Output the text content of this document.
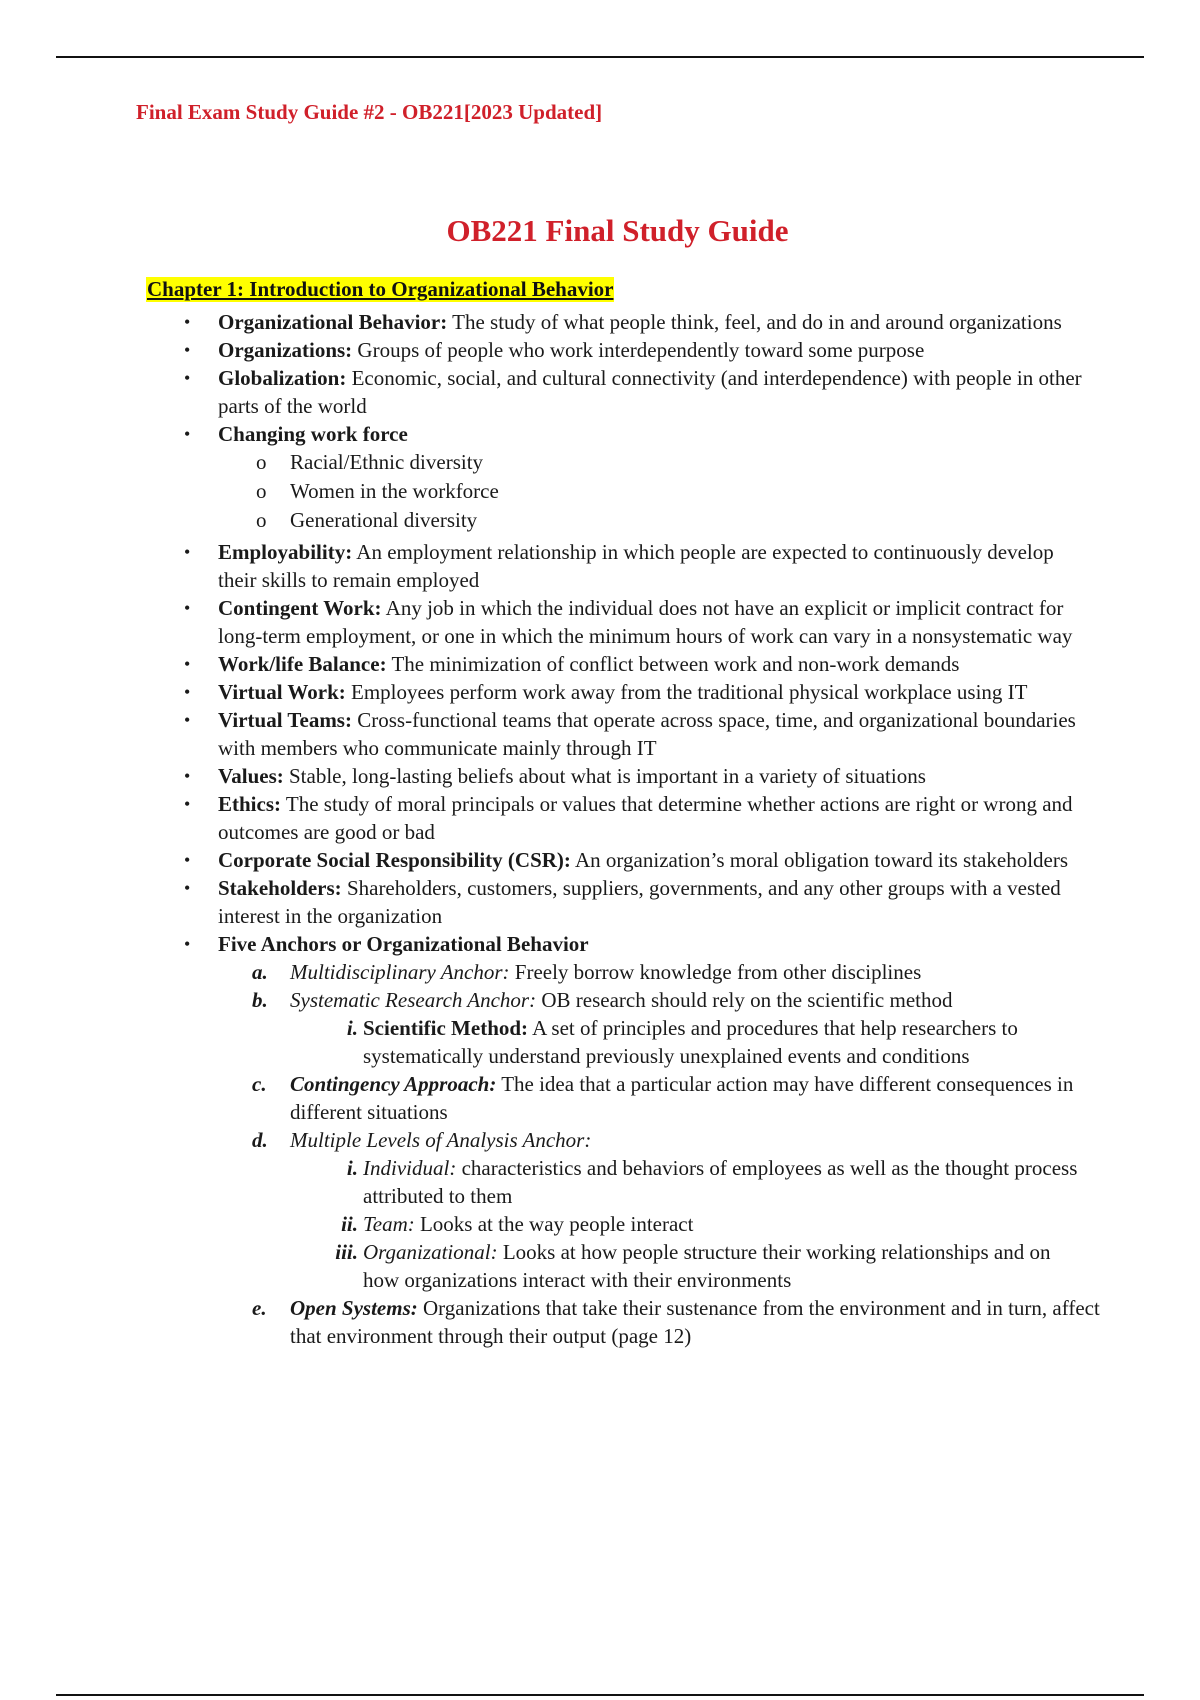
Final Exam Study Guide #2 - OB221[2023 Updated]
OB221 Final Study Guide
Chapter 1: Introduction to Organizational Behavior

• Organizational Behavior: The study of what people think, feel, and do in and around organizations

• Organizations: Groups of people who work interdependently toward some purpose

• Globalization: Economic, social, and cultural connectivity (and interdependence) with people in other parts of the world

• Changing work force

o Racial/Ethnic diversity
o Women in the workforce
o Generational diversity

• Employability: An employment relationship in which people are expected to continuously develop their skills to remain employed

• Contingent Work: Any job in which the individual does not have an explicit or implicit contract for long-term employment, or one in which the minimum hours of work can vary in a nonsystematic way

• Work/life Balance: The minimization of conflict between work and non-work demands

• Virtual Work: Employees perform work away from the traditional physical workplace using IT

• Virtual Teams: Cross-functional teams that operate across space, time, and organizational boundaries with members who communicate mainly through IT

• Values: Stable, long-lasting beliefs about what is important in a variety of situations

• Ethics: The study of moral principals or values that determine whether actions are right or wrong and outcomes are good or bad

• Corporate Social Responsibility (CSR): An organization’s moral obligation toward its stakeholders

• Stakeholders: Shareholders, customers, suppliers, governments, and any other groups with a vested interest in the organization

• Five Anchors or Organizational Behavior

a. Multidisciplinary Anchor: Freely borrow knowledge from other disciplines
b. Systematic Research Anchor: OB research should rely on the scientific method
i. Scientific Method: A set of principles and procedures that help researchers to systematically understand previously unexplained events and conditions
c. Contingency Approach: The idea that a particular action may have different consequences in different situations
d. Multiple Levels of Analysis Anchor:
i. Individual: characteristics and behaviors of employees as well as the thought process attributed to them
ii. Team: Looks at the way people interact
iii. Organizational: Looks at how people structure their working relationships and on how organizations interact with their environments
e. Open Systems: Organizations that take their sustenance from the environment and in turn, affect that environment through their output (page 12)
